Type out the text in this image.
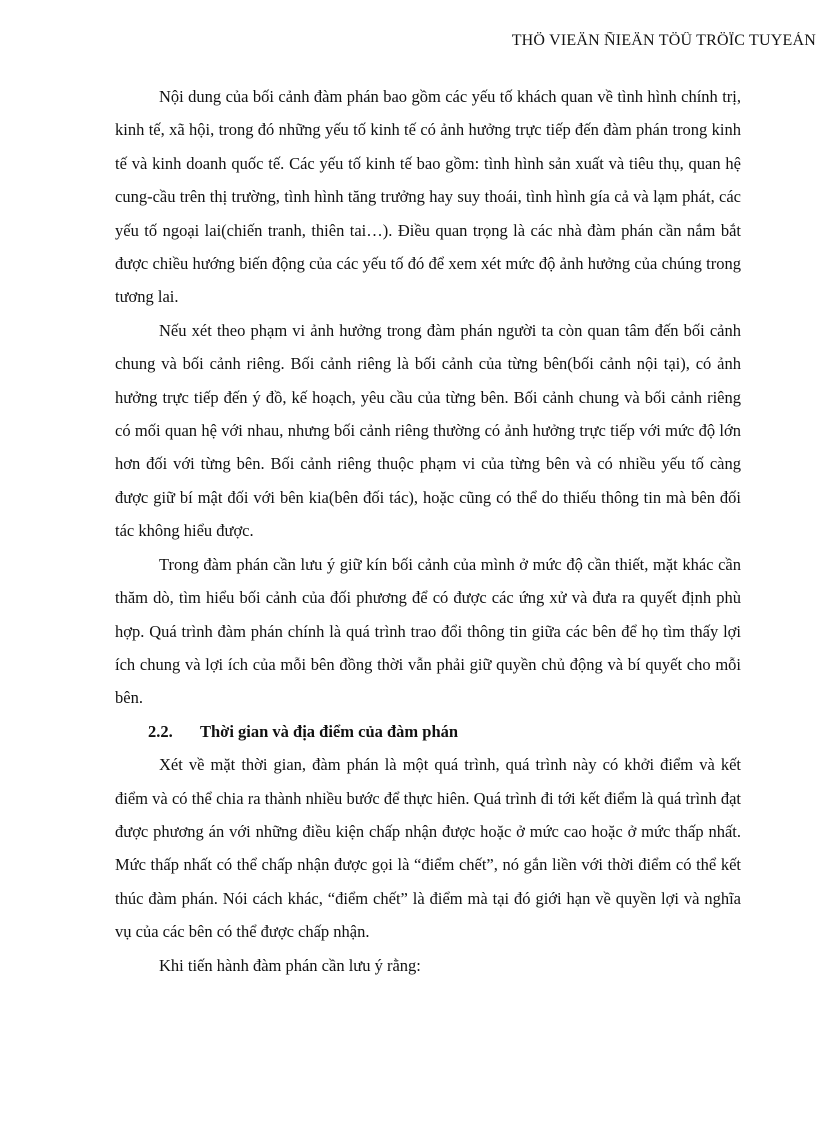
THÖ VIEÄN ÑIEÄN TÖÛ TRÖÏC TUYEÁN

Nội dung của bối cảnh đàm phán bao gồm các yếu tố khách quan về tình hình chính trị, kinh tế, xã hội, trong đó những yếu tố kinh tế có ảnh hưởng trực tiếp đến đàm phán trong kinh tế và kinh doanh quốc tế. Các yếu tố kinh tế bao gồm: tình hình sản xuất và tiêu thụ, quan hệ cung-cầu trên thị trường, tình hình tăng trưởng hay suy thoái, tình hình gía cả và lạm phát, các yếu tố ngoại lai(chiến tranh, thiên tai…). Điều quan trọng là các nhà đàm phán cần nắm bắt được chiều hướng biến động của các yếu tố đó để xem xét mức độ ảnh hưởng của chúng trong tương lai.

Nếu xét theo phạm vi ảnh hưởng trong đàm phán người ta còn quan tâm đến bối cảnh chung và bối cảnh riêng. Bối cảnh riêng là bối cảnh của từng bên(bối cảnh nội tại), có ảnh hưởng trực tiếp đến ý đồ, kế hoạch, yêu cầu của từng bên. Bối cảnh chung và bối cảnh riêng có mối quan hệ với nhau, nhưng bối cảnh riêng thường có ảnh hưởng trực tiếp với mức độ lớn hơn đối với từng bên. Bối cảnh riêng thuộc phạm vi của từng bên và có nhiều yếu tố càng được giữ bí mật đối với bên kia(bên đối tác), hoặc cũng có thể do thiếu thông tin mà bên đối tác không hiểu được.

Trong đàm phán cần lưu ý giữ kín bối cảnh của mình ở mức độ cần thiết, mặt khác cần thăm dò, tìm hiểu bối cảnh của đối phương để có được các ứng xử và đưa ra quyết định phù hợp. Quá trình đàm phán chính là quá trình trao đổi thông tin giữa các bên để họ tìm thấy lợi ích chung và lợi ích của mỗi bên đồng thời vẫn phải giữ quyền chủ động và bí quyết cho mỗi bên.

2.2. Thời gian và địa điểm của đàm phán

Xét về mặt thời gian, đàm phán là một quá trình, quá trình này có khởi điểm và kết điểm và có thể chia ra thành nhiều bước để thực hiên. Quá trình đi tới kết điểm là quá trình đạt được phương án với những điều kiện chấp nhận được hoặc ở mức cao hoặc ở mức thấp nhất. Mức thấp nhất có thể chấp nhận được gọi là “điểm chết”, nó gắn liền với thời điểm có thể kết thúc đàm phán. Nói cách khác, “điểm chết” là điểm mà tại đó giới hạn về quyền lợi và nghĩa vụ của các bên có thể được chấp nhận.

Khi tiến hành đàm phán cần lưu ý rằng:
